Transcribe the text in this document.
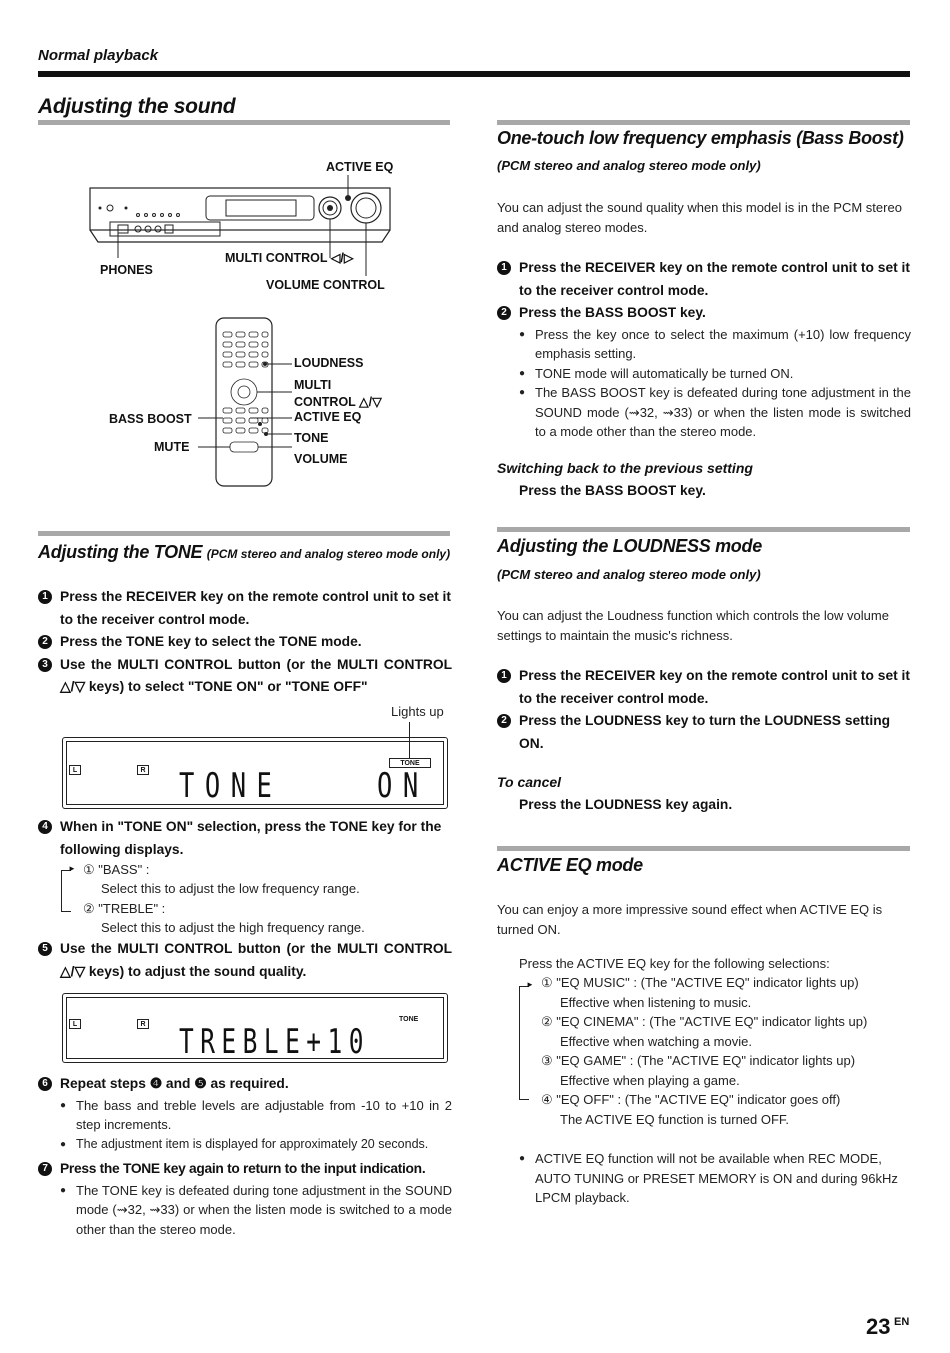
Normal playback
Adjusting the sound
ACTIVE EQ
PHONES
MULTI CONTROL ◁/▷
VOLUME CONTROL
LOUDNESS
MULTI
CONTROL △/▽
ACTIVE EQ
BASS BOOST
TONE
MUTE
VOLUME
Adjusting the TONE (PCM stereo and analog stereo mode only)
1 Press the RECEIVER key on the remote control unit to set it to the receiver control mode.
2 Press the TONE key to select the TONE mode.
3 Use the MULTI CONTROL button (or the MULTI CONTROL △/▽ keys) to select "TONE ON" or "TONE OFF"
Lights up
L	R
TONE
TONE	ON
4 When in "TONE ON" selection, press the TONE key for the following displays.
► ① "BASS" :
Select this to adjust the low frequency range.
② "TREBLE" :
Select this to adjust the high frequency range.
5 Use the MULTI CONTROL button (or the MULTI CONTROL △/▽ keys) to adjust the sound quality.
L	R
TONE
TREBLE+10
6 Repeat steps ❹ and ❺ as required.
● The bass and treble levels are adjustable from -10 to +10 in 2 step increments.
● The adjustment item is displayed for approximately 20 seconds.
7 Press the TONE key again to return to the input indication.
● The TONE key is defeated during tone adjustment in the SOUND mode (⇝32, ⇝33) or when the listen mode is switched to a mode other than the stereo mode.
One-touch low frequency emphasis (Bass Boost)
(PCM stereo and analog stereo mode only)
You can adjust the sound quality when this model is in the PCM stereo and analog stereo modes.
1 Press the RECEIVER key on the remote control unit to set it to the receiver control mode.
2 Press the BASS BOOST key.
● Press the key once to select the maximum (+10) low frequency emphasis setting.
● TONE mode will automatically be turned ON.
● The BASS BOOST key is defeated during tone adjustment in the SOUND mode (⇝32, ⇝33) or when the listen mode is switched to a mode other than the stereo mode.
Switching back to the previous setting
Press the BASS BOOST key.
Adjusting the LOUDNESS mode
(PCM stereo and analog stereo mode only)
You can adjust the Loudness function which controls the low volume settings to maintain the music's richness.
1 Press the RECEIVER key on the remote control unit to set it to the receiver control mode.
2 Press the LOUDNESS key to turn the LOUDNESS setting ON.
To cancel
Press the LOUDNESS key again.
ACTIVE EQ mode
You can enjoy a more impressive sound effect when ACTIVE EQ is turned ON.
Press the ACTIVE EQ key for the following selections:
► ① "EQ MUSIC" : (The "ACTIVE EQ" indicator lights up)
Effective when listening to music.
② "EQ CINEMA" : (The "ACTIVE EQ" indicator lights up)
Effective when watching a movie.
③ "EQ GAME" : (The "ACTIVE EQ" indicator lights up)
Effective when playing a game.
④ "EQ OFF" : (The "ACTIVE EQ" indicator goes off)
The ACTIVE EQ function is turned OFF.
● ACTIVE EQ function will not be available when REC MODE, AUTO TUNING or PRESET MEMORY is ON and during 96kHz LPCM playback.
23 EN
